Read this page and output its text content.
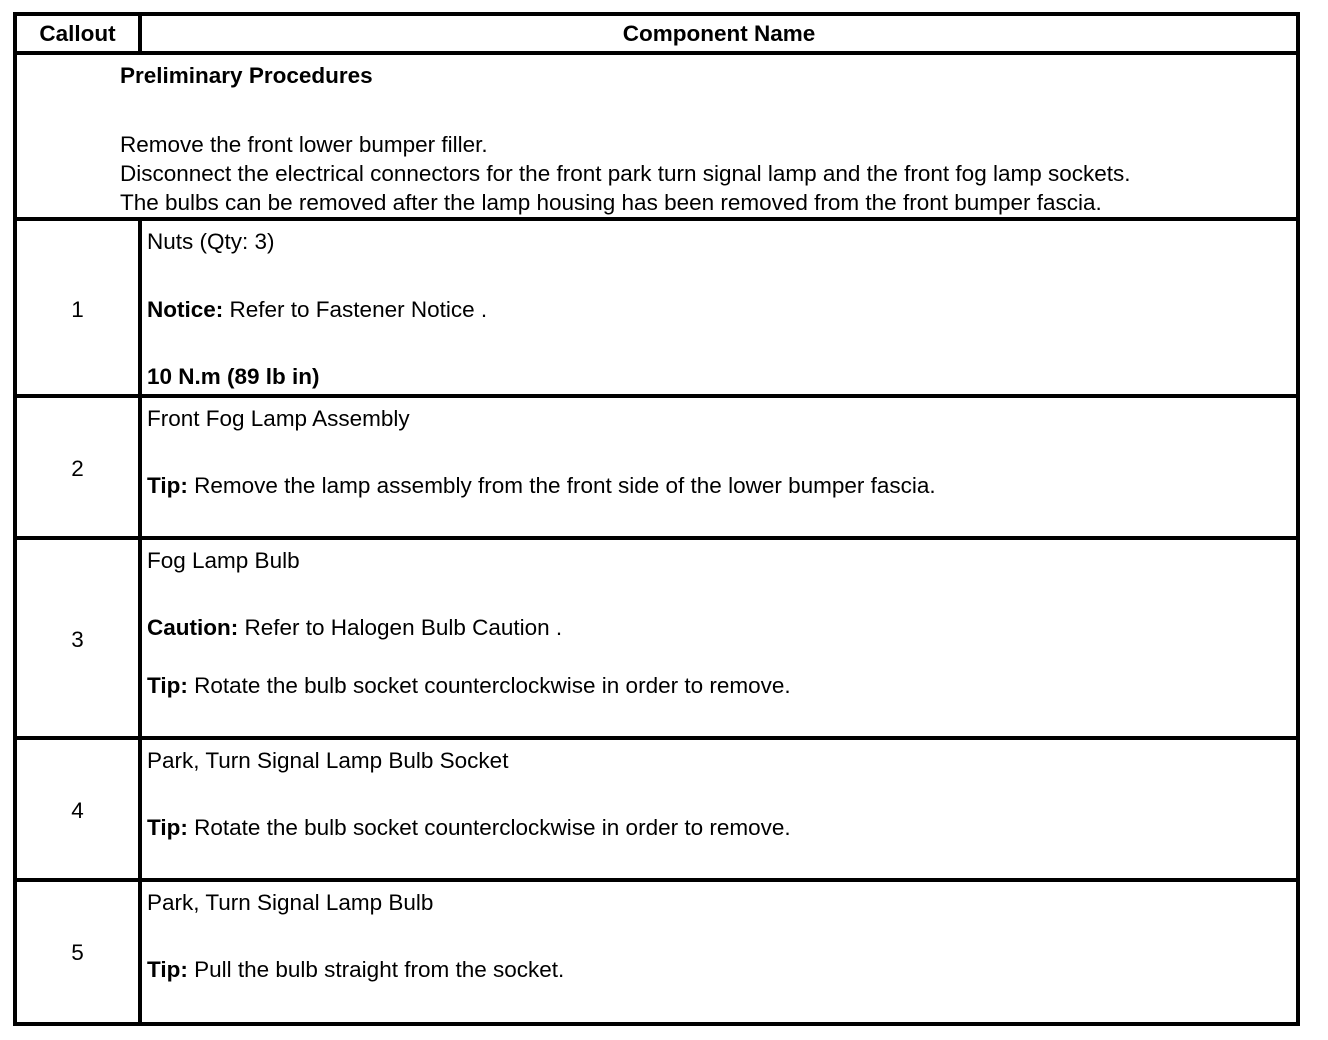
Callout	Component Name
Preliminary Procedures
Remove the front lower bumper filler.
Disconnect the electrical connectors for the front park turn signal lamp and the front fog lamp sockets.
The bulbs can be removed after the lamp housing has been removed from the front bumper fascia.
1
Nuts (Qty: 3)
Notice: Refer to Fastener Notice .
10 N.m (89 lb in)
2
Front Fog Lamp Assembly
Tip: Remove the lamp assembly from the front side of the lower bumper fascia.
3
Fog Lamp Bulb
Caution: Refer to Halogen Bulb Caution .
Tip: Rotate the bulb socket counterclockwise in order to remove.
4
Park, Turn Signal Lamp Bulb Socket
Tip: Rotate the bulb socket counterclockwise in order to remove.
5
Park, Turn Signal Lamp Bulb
Tip: Pull the bulb straight from the socket.
